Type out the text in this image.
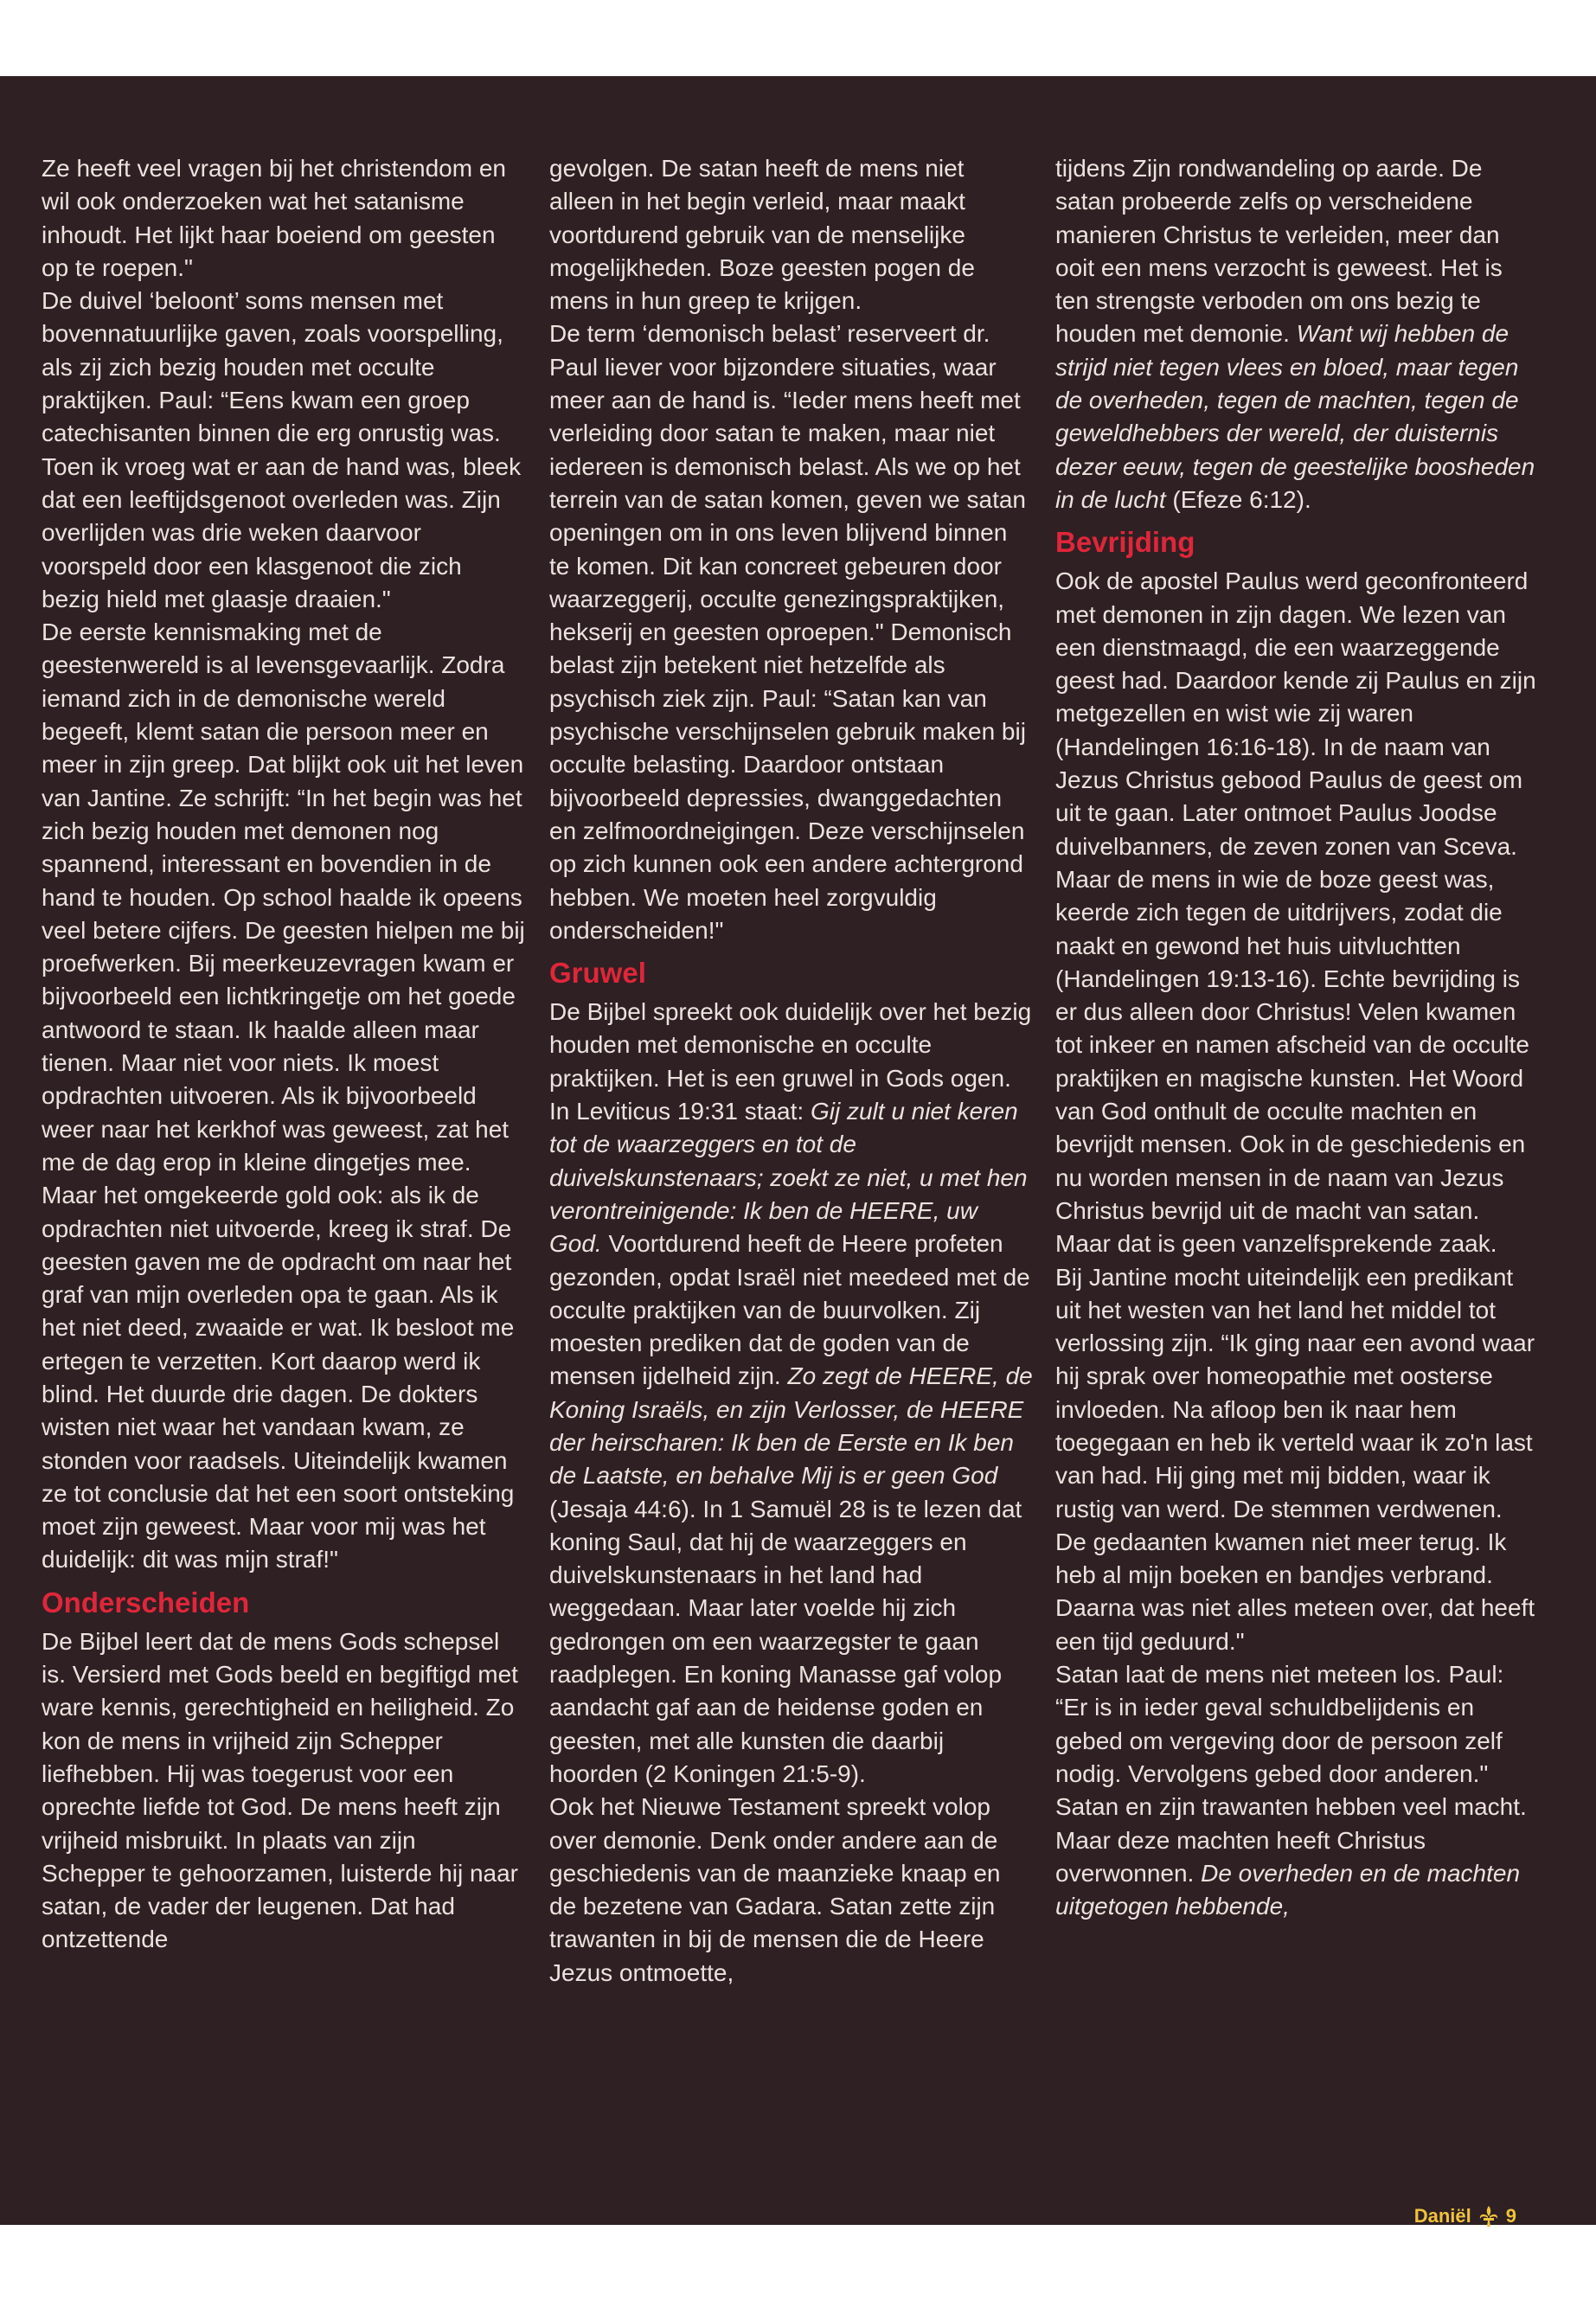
Ze heeft veel vragen bij het christendom en wil ook onderzoeken wat het satanisme inhoudt. Het lijkt haar boeiend om geesten op te roepen."

De duivel ‘beloont’ soms mensen met bovennatuurlijke gaven, zoals voorspelling, als zij zich bezig houden met occulte praktijken. Paul: “Eens kwam een groep catechisanten binnen die erg onrustig was. Toen ik vroeg wat er aan de hand was, bleek dat een leeftijdsgenoot overleden was. Zijn overlijden was drie weken daarvoor voorspeld door een klasgenoot die zich bezig hield met glaasje draaien."

De eerste kennismaking met de geestenwereld is al levensgevaarlijk. Zodra iemand zich in de demonische wereld begeeft, klemt satan die persoon meer en meer in zijn greep. Dat blijkt ook uit het leven van Jantine. Ze schrijft: “In het begin was het zich bezig houden met demonen nog spannend, interessant en bovendien in de hand te houden. Op school haalde ik opeens veel betere cijfers. De geesten hielpen me bij proefwerken. Bij meerkeuzevragen kwam er bijvoorbeeld een lichtkringetje om het goede antwoord te staan. Ik haalde alleen maar tienen. Maar niet voor niets. Ik moest opdrachten uitvoeren. Als ik bijvoorbeeld weer naar het kerkhof was geweest, zat het me de dag erop in kleine dingetjes mee. Maar het omgekeerde gold ook: als ik de opdrachten niet uitvoerde, kreeg ik straf. De geesten gaven me de opdracht om naar het graf van mijn overleden opa te gaan. Als ik het niet deed, zwaaide er wat. Ik besloot me ertegen te verzetten. Kort daarop werd ik blind. Het duurde drie dagen. De dokters wisten niet waar het vandaan kwam, ze stonden voor raadsels. Uiteindelijk kwamen ze tot conclusie dat het een soort ontsteking moet zijn geweest. Maar voor mij was het duidelijk: dit was mijn straf!"

Onderscheiden

De Bijbel leert dat de mens Gods schepsel is. Versierd met Gods beeld en begiftigd met ware kennis, gerechtigheid en heiligheid. Zo kon de mens in vrijheid zijn Schepper liefhebben. Hij was toegerust voor een oprechte liefde tot God. De mens heeft zijn vrijheid misbruikt. In plaats van zijn Schepper te gehoorzamen, luisterde hij naar satan, de vader der leugenen. Dat had ontzettende

gevolgen. De satan heeft de mens niet alleen in het begin verleid, maar maakt voortdurend gebruik van de menselijke mogelijkheden. Boze geesten pogen de mens in hun greep te krijgen.

De term ‘demonisch belast’ reserveert dr. Paul liever voor bijzondere situaties, waar meer aan de hand is. “Ieder mens heeft met verleiding door satan te maken, maar niet iedereen is demonisch belast. Als we op het terrein van de satan komen, geven we satan openingen om in ons leven blijvend binnen te komen. Dit kan concreet gebeuren door waarzeggerij, occulte genezingspraktijken, hekserij en geesten oproepen." Demonisch belast zijn betekent niet hetzelfde als psychisch ziek zijn. Paul: “Satan kan van psychische verschijnselen gebruik maken bij occulte belasting. Daardoor ontstaan bijvoorbeeld depressies, dwanggedachten en zelfmoordneigingen. Deze verschijnselen op zich kunnen ook een andere achtergrond hebben. We moeten heel zorgvuldig onderscheiden!"

Gruwel

De Bijbel spreekt ook duidelijk over het bezig houden met demonische en occulte praktijken. Het is een gruwel in Gods ogen. In Leviticus 19:31 staat: Gij zult u niet keren tot de waarzeggers en tot de duivelskunstenaars; zoekt ze niet, u met hen verontreinigende: Ik ben de HEERE, uw God. Voortdurend heeft de Heere profeten gezonden, opdat Israël niet meedeed met de occulte praktijken van de buurvolken. Zij moesten prediken dat de goden van de mensen ijdelheid zijn. Zo zegt de HEERE, de Koning Israëls, en zijn Verlosser, de HEERE der heirscharen: Ik ben de Eerste en Ik ben de Laatste, en behalve Mij is er geen God (Jesaja 44:6). In 1 Samuël 28 is te lezen dat koning Saul, dat hij de waarzeggers en duivelskunstenaars in het land had weggedaan. Maar later voelde hij zich gedrongen om een waarzegster te gaan raadplegen. En koning Manasse gaf volop aandacht gaf aan de heidense goden en geesten, met alle kunsten die daarbij hoorden (2 Koningen 21:5-9).

Ook het Nieuwe Testament spreekt volop over demonie. Denk onder andere aan de geschiedenis van de maanzieke knaap en de bezetene van Gadara. Satan zette zijn trawanten in bij de mensen die de Heere Jezus ontmoette,

tijdens Zijn rondwandeling op aarde. De satan probeerde zelfs op verscheidene manieren Christus te verleiden, meer dan ooit een mens verzocht is geweest. Het is ten strengste verboden om ons bezig te houden met demonie. Want wij hebben de strijd niet tegen vlees en bloed, maar tegen de overheden, tegen de machten, tegen de geweldhebbers der wereld, der duisternis dezer eeuw, tegen de geestelijke boosheden in de lucht (Efeze 6:12).

Bevrijding

Ook de apostel Paulus werd geconfronteerd met demonen in zijn dagen. We lezen van een dienstmaagd, die een waarzeggende geest had. Daardoor kende zij Paulus en zijn metgezellen en wist wie zij waren (Handelingen 16:16-18). In de naam van Jezus Christus gebood Paulus de geest om uit te gaan. Later ontmoet Paulus Joodse duivelbanners, de zeven zonen van Sceva. Maar de mens in wie de boze geest was, keerde zich tegen de uitdrijvers, zodat die naakt en gewond het huis uitvluchtten (Handelingen 19:13-16). Echte bevrijding is er dus alleen door Christus! Velen kwamen tot inkeer en namen afscheid van de occulte praktijken en magische kunsten. Het Woord van God onthult de occulte machten en bevrijdt mensen. Ook in de geschiedenis en nu worden mensen in de naam van Jezus Christus bevrijd uit de macht van satan. Maar dat is geen vanzelfsprekende zaak.

Bij Jantine mocht uiteindelijk een predikant uit het westen van het land het middel tot verlossing zijn. “Ik ging naar een avond waar hij sprak over homeopathie met oosterse invloeden. Na afloop ben ik naar hem toegegaan en heb ik verteld waar ik zo'n last van had. Hij ging met mij bidden, waar ik rustig van werd. De stemmen verdwenen. De gedaanten kwamen niet meer terug. Ik heb al mijn boeken en bandjes verbrand. Daarna was niet alles meteen over, dat heeft een tijd geduurd."

Satan laat de mens niet meteen los. Paul: “Er is in ieder geval schuldbelijdenis en gebed om vergeving door de persoon zelf nodig. Vervolgens gebed door anderen."

Satan en zijn trawanten hebben veel macht. Maar deze machten heeft Christus overwonnen. De overheden en de machten uitgetogen hebbende,

Daniël 9
